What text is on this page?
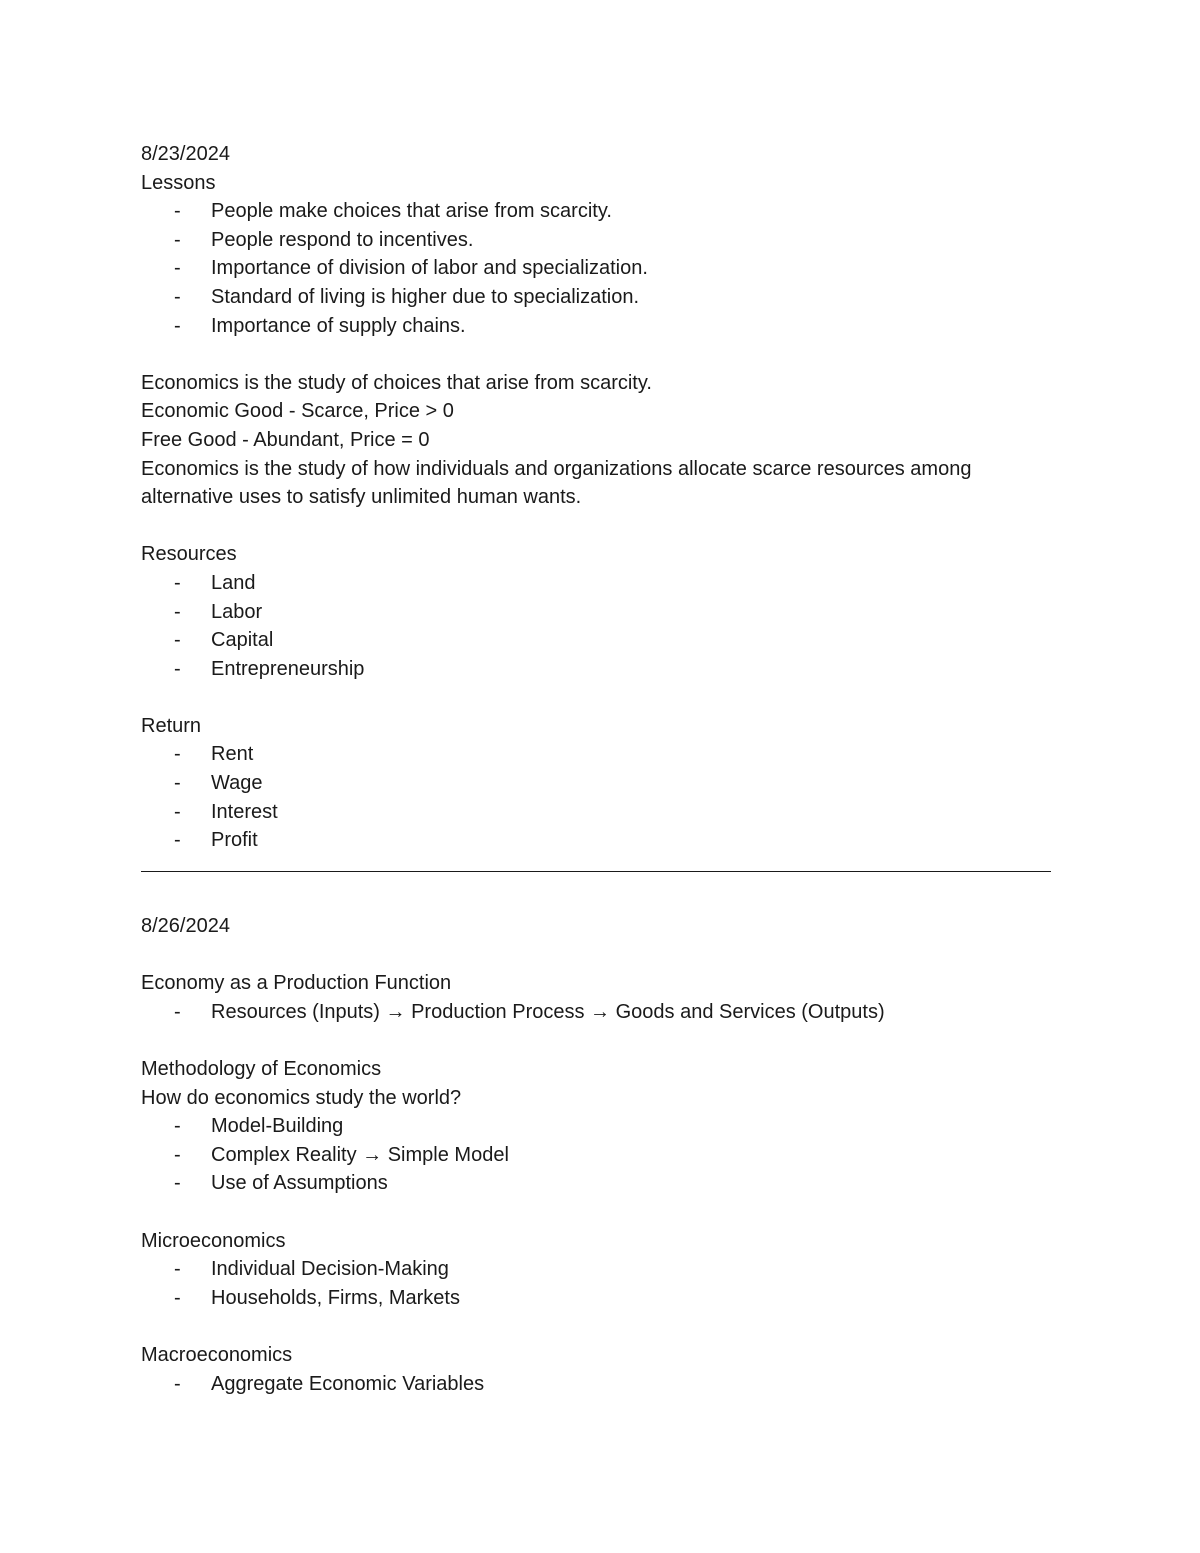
8/23/2024
Lessons
- People make choices that arise from scarcity.
- People respond to incentives.
- Importance of division of labor and specialization.
- Standard of living is higher due to specialization.
- Importance of supply chains.
Economics is the study of choices that arise from scarcity.
Economic Good - Scarce, Price > 0
Free Good - Abundant, Price = 0
Economics is the study of how individuals and organizations allocate scarce resources among alternative uses to satisfy unlimited human wants.
Resources
- Land
- Labor
- Capital
- Entrepreneurship
Return
- Rent
- Wage
- Interest
- Profit
8/26/2024
Economy as a Production Function
- Resources (Inputs) → Production Process → Goods and Services (Outputs)
Methodology of Economics
How do economics study the world?
- Model-Building
- Complex Reality → Simple Model
- Use of Assumptions
Microeconomics
- Individual Decision-Making
- Households, Firms, Markets
Macroeconomics
- Aggregate Economic Variables
